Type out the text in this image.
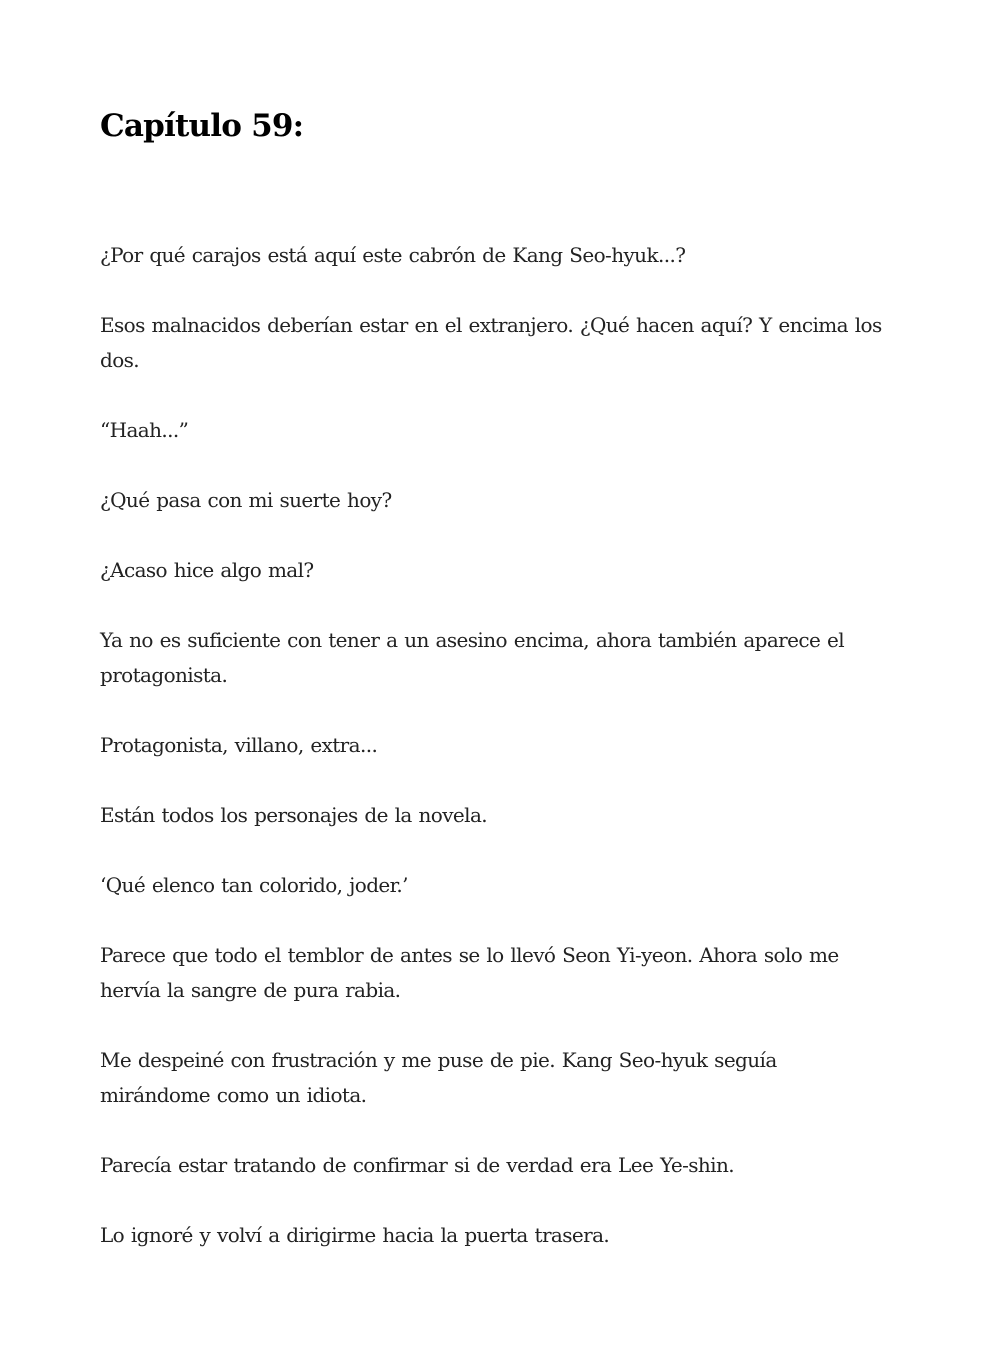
Capítulo 59:

¿Por qué carajos está aquí este cabrón de Kang Seo-hyuk...?

Esos malnacidos deberían estar en el extranjero. ¿Qué hacen aquí? Y encima los dos.

“Haah...”

¿Qué pasa con mi suerte hoy?

¿Acaso hice algo mal?

Ya no es suficiente con tener a un asesino encima, ahora también aparece el protagonista.

Protagonista, villano, extra...

Están todos los personajes de la novela.

‘Qué elenco tan colorido, joder.’

Parece que todo el temblor de antes se lo llevó Seon Yi-yeon. Ahora solo me hervía la sangre de pura rabia.

Me despeiné con frustración y me puse de pie. Kang Seo-hyuk seguía mirándome como un idiota.

Parecía estar tratando de confirmar si de verdad era Lee Ye-shin.

Lo ignoré y volví a dirigirme hacia la puerta trasera.
